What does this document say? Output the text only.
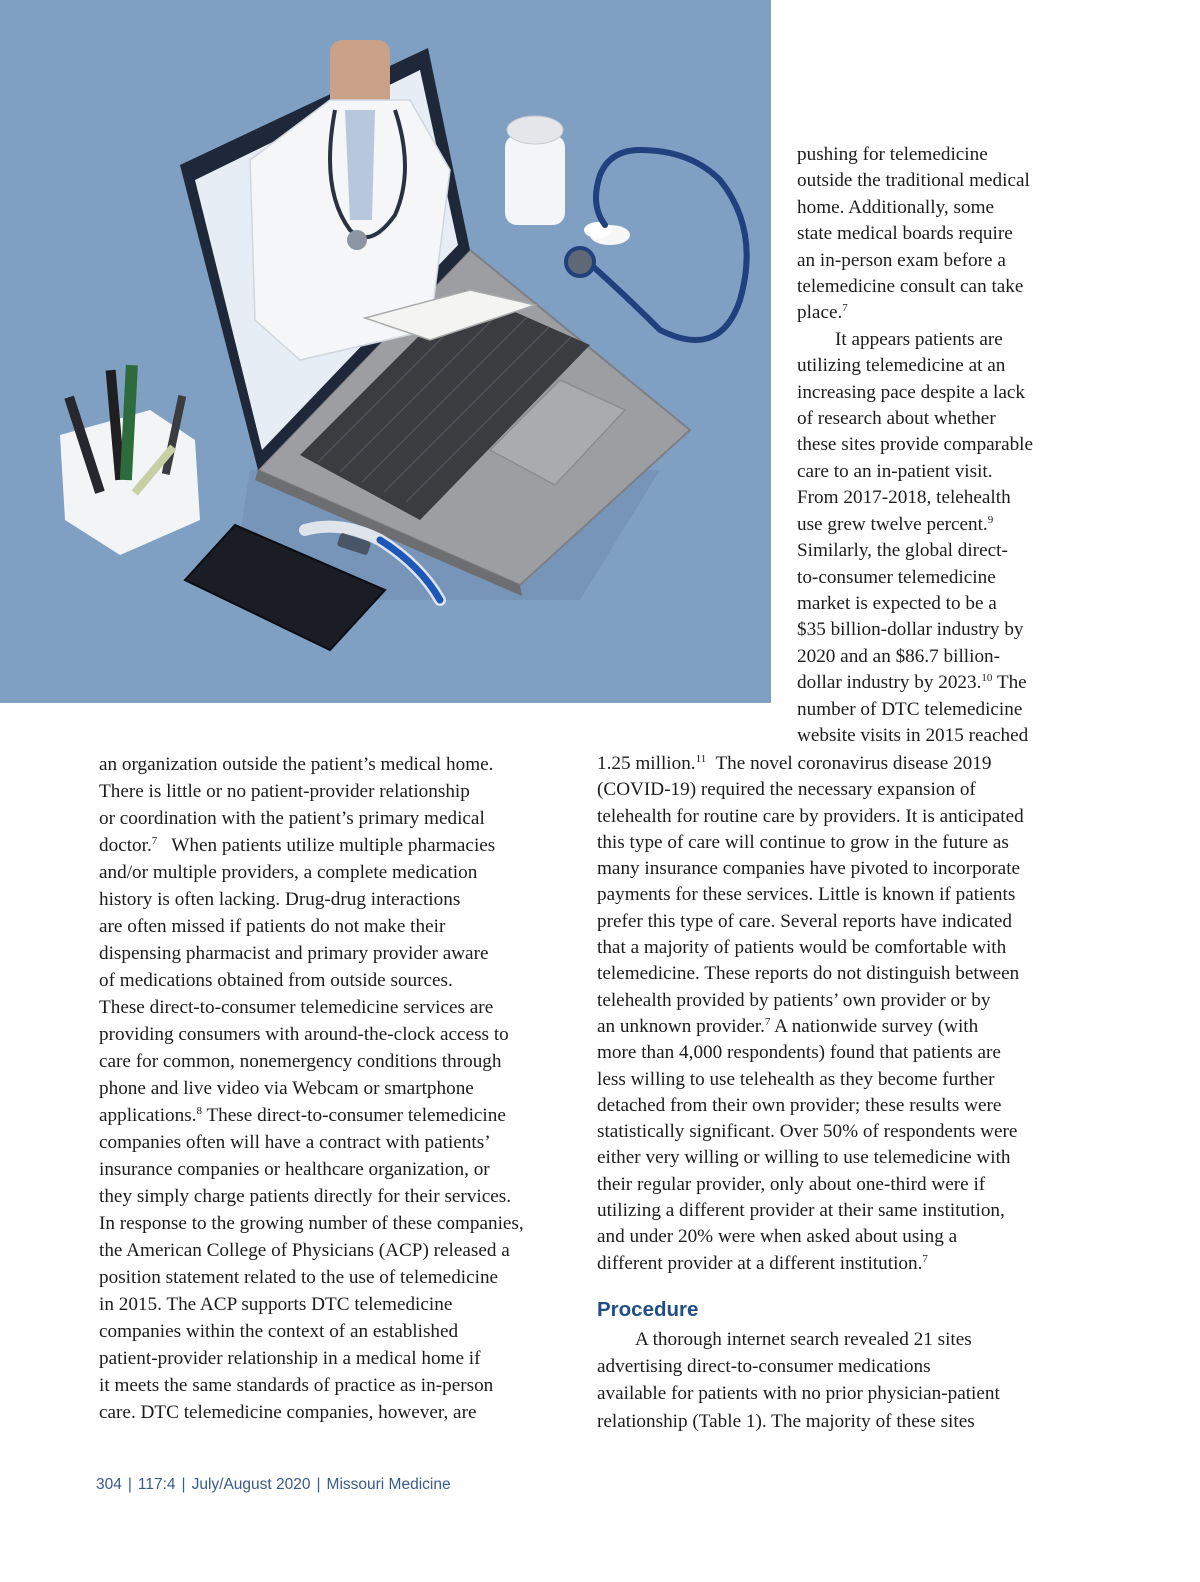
pushing for telemedicine
outside the traditional medical
home. Additionally, some
state medical boards require
an in-person exam before a
telemedicine consult can take
place.$^7$

It appears patients are
utilizing telemedicine at an
increasing pace despite a lack
of research about whether
these sites provide comparable
care to an in-patient visit.
From 2017-2018, telehealth
use grew twelve percent.$^9$
Similarly, the global direct-
to-consumer telemedicine
market is expected to be a
$35 billion-dollar industry by
2020 and an $86.7 billion-
dollar industry by 2023.10 The
number of DTC telemedicine
website visits in 2015 reached

an organization outside the patient’s medical home.
There is little or no patient-provider relationship
or coordination with the patient’s primary medical
doctor.$^7$   When patients utilize multiple pharmacies
and/or multiple providers, a complete medication
history is often lacking. Drug-drug interactions
are often missed if patients do not make their
dispensing pharmacist and primary provider aware
of medications obtained from outside sources.
These direct-to-consumer telemedicine services are
providing consumers with around-the-clock access to
care for common, nonemergency conditions through
phone and live video via Webcam or smartphone
applications.$^8$ These direct-to-consumer telemedicine
companies often will have a contract with patients’
insurance companies or healthcare organization, or
they simply charge patients directly for their services.
In response to the growing number of these companies,
the American College of Physicians (ACP) released a
position statement related to the use of telemedicine
in 2015. The ACP supports DTC telemedicine
companies within the context of an established
patient-provider relationship in a medical home if
it meets the same standards of practice as in-person
care. DTC telemedicine companies, however, are

1.25 million.$^{11}$  The novel coronavirus disease 2019
(COVID-19) required the necessary expansion of
telehealth for routine care by providers. It is anticipated
this type of care will continue to grow in the future as
many insurance companies have pivoted to incorporate
payments for these services. Little is known if patients
prefer this type of care. Several reports have indicated
that a majority of patients would be comfortable with
telemedicine. These reports do not distinguish between
telehealth provided by patients’ own provider or by
an unknown provider.$^7$ A nationwide survey (with
more than 4,000 respondents) found that patients are
less willing to use telehealth as they become further
detached from their own provider; these results were
statistically significant. Over 50% of respondents were
either very willing or willing to use telemedicine with
their regular provider, only about one-third were if
utilizing a different provider at their same institution,
and under 20% were when asked about using a
different provider at a different institution.$^7$

Procedure

A thorough internet search revealed 21 sites
advertising direct-to-consumer medications
available for patients with no prior physician-patient
relationship (Table 1). The majority of these sites

304 | 117:4 | July/August 2020 | Missouri Medicine
